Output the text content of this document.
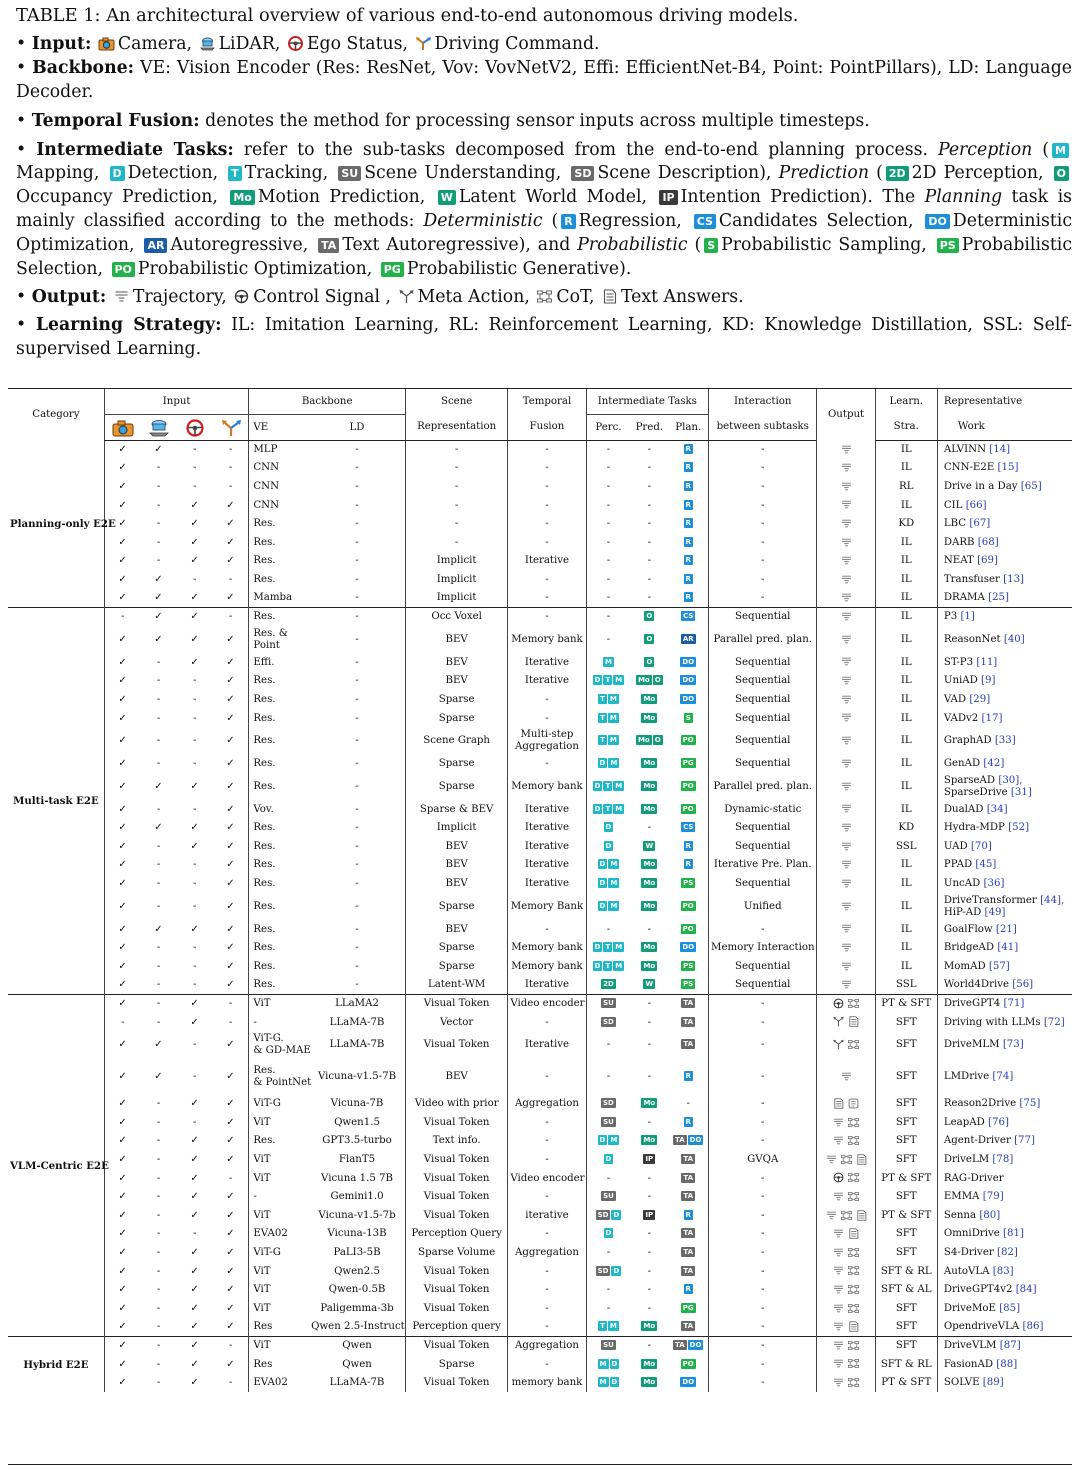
TABLE 1: An architectural overview of various end-to-end autonomous driving models.
• Input: Camera, LiDAR, Ego Status, Driving Command.
• Backbone: VE: Vision Encoder (Res: ResNet, Vov: VovNetV2, Effi: EfficientNet-B4, Point: PointPillars), LD: Language Decoder.
• Temporal Fusion: denotes the method for processing sensor inputs across multiple timesteps.
• Intermediate Tasks: refer to the sub-tasks decomposed from the end-to-end planning process. Perception ( MMapping, D Detection, T Tracking, SU Scene Understanding, SD Scene Description), Prediction ( 2D 2D Perception, OOccupancy Prediction, Mo Motion Prediction, W Latent World Model, IP Intention Prediction). The Planning task is mainly classified according to the methods: Deterministic ( R Regression, CS Candidates Selection, DO Deterministic Optimization, AR Autoregressive, TA Text Autoregressive), and Probabilistic ( S Probabilistic Sampling, PS Probabilistic Selection, PO Probabilistic Optimization, PG Probabilistic Generative).
• Output: Trajectory, Control Signal , Meta Action, CoT, Text Answers.
• Learning Strategy: IL: Imitation Learning, RL: Reinforcement Learning, KD: Knowledge Distillation, SSL: Self-supervised Learning.
Category	Input				Backbone		Scene	Temporal	Intermediate Tasks			Interaction	Output	Learn.	Representative
				VE	LD	Representation	Fusion	Perc.	Pred.	Plan.	between subtasks		Stra.	Work
Planning-only E2E	✓	✓	-	-	MLP	-	-	-	-	-	R	-		IL	ALVINN [14]
	✓	-	-	-	CNN	-	-	-	-	-	R	-		IL	CNN-E2E [15]
	✓	-	-	-	CNN	-	-	-	-	-	R	-		RL	Drive in a Day [65]
	✓	-	✓	✓	CNN	-	-	-	-	-	R	-		IL	CIL [66]
	✓	-	✓	✓	Res.	-	-	-	-	-	R	-		KD	LBC [67]
	✓	-	✓	✓	Res.	-	-	-	-	-	R	-		IL	DARB [68]
	✓	-	✓	✓	Res.	-	Implicit	Iterative	-	-	R	-		IL	NEAT [69]
	✓	✓	-	-	Res.	-	Implicit	-	-	-	R	-		IL	Transfuser [13]
	✓	✓	✓	✓	Mamba	-	Implicit	-	-	-	R	-		IL	DRAMA [25]
Multi-task E2E	-	✓	✓	-	Res.	-	Occ Voxel	-	-	O	CS	Sequential		IL	P3 [1]
	✓	✓	✓	✓	Res. &
Point	-	BEV	Memory bank	-	O	AR	Parallel pred. plan.		IL	ReasonNet [40]
	✓	-	✓	✓	Effi.	-	BEV	Iterative	M	O	DO	Sequential		IL	ST-P3 [11]
	✓	-	-	✓	Res.	-	BEV	Iterative	D T M	Mo O	DO	Sequential		IL	UniAD [9]
	✓	-	-	✓	Res.	-	Sparse	-	T M	Mo	DO	Sequential		IL	VAD [29]
	✓	-	-	✓	Res.	-	Sparse	-	T M	Mo	S	Sequential		IL	VADv2 [17]
	✓	-	-	✓	Res.	-	Scene Graph	Multi-step
Aggregation	T M	Mo O	PO	Sequential		IL	GraphAD [33]
	✓	-	-	✓	Res.	-	Sparse	-	D M	Mo	PG	Sequential		IL	GenAD [42]
	✓	✓	✓	✓	Res.	-	Sparse	Memory bank	D T M	Mo	PO	Parallel pred. plan.		IL	SparseAD [30],
SparseDrive [31]
	✓	-	-	✓	Vov.	-	Sparse & BEV	Iterative	D T M	Mo	PO	Dynamic-static		IL	DualAD [34]
	✓	✓	✓	✓	Res.	-	Implicit	Iterative	D	-	CS	Sequential		KD	Hydra-MDP [52]
	✓	-	✓	✓	Res.	-	BEV	Iterative	D	W	R	Sequential		SSL	UAD [70]
	✓	-	-	✓	Res.	-	BEV	Iterative	D M	Mo	R	Iterative Pre. Plan.		IL	PPAD [45]
	✓	-	-	✓	Res.	-	BEV	Iterative	D M	Mo	PS	Sequential		IL	UncAD [36]
	✓	-	-	✓	Res.	-	Sparse	Memory Bank	D M	Mo	PO	Unified		IL	DriveTransformer [44],
HiP-AD [49]
	✓	✓	✓	✓	Res.	-	BEV	-	-	-	PO	-		IL	GoalFlow [21]
	✓	-	-	✓	Res.	-	Sparse	Memory bank	D T M	Mo	DO	Memory Interaction		IL	BridgeAD [41]
	✓	-	-	✓	Res.	-	Sparse	Memory bank	D T M	Mo	PS	Sequential		IL	MomAD [57]
	✓	-	-	✓	Res.	-	Latent-WM	Iterative	2D	W	PS	Sequential		SSL	World4Drive [56]
VLM-Centric E2E	✓	-	✓	-	ViT	LLaMA2	Visual Token	Video encoder	SU	-	TA	-		PT & SFT	DriveGPT4 [71]
	-	-	✓	-	-	LLaMA-7B	Vector	-	SD	-	TA	-		SFT	Driving with LLMs [72]
	✓	✓	-	✓	ViT-G.
& GD-MAE	LLaMA-7B	Visual Token	Iterative	-	-	TA	-		SFT	DriveMLM [73]
	✓	✓	-	✓	Res.
& PointNet	Vicuna-v1.5-7B	BEV	-	-	-	R	-		SFT	LMDrive [74]
	✓	-	✓	✓	ViT-G	Vicuna-7B	Video with prior	Aggregation	SD	Mo	-	-		SFT	Reason2Drive [75]
	✓	-	-	✓	ViT	Qwen1.5	Visual Token	-	SU	-	R	-		SFT	LeapAD [76]
	✓	-	✓	✓	Res.	GPT3.5-turbo	Text info.	-	D M	Mo	TA DO	-		SFT	Agent-Driver [77]
	✓	-	✓	✓	ViT	FlanT5	Visual Token	-	D	IP	TA	GVQA		SFT	DriveLM [78]
	✓	-	✓	-	ViT	Vicuna 1.5 7B	Visual Token	Video encoder	-	-	TA	-		PT & SFT	RAG-Driver
	✓	-	✓	✓	-	Gemini1.0	Visual Token	-	SU	-	TA	-		SFT	EMMA [79]
	✓	-	✓	✓	ViT	Vicuna-v1.5-7b	Visual Token	iterative	SD D	IP	R	-		PT & SFT	Senna [80]
	✓	-	-	✓	EVA02	Vicuna-13B	Perception Query	-	D	-	TA	-		SFT	OmniDrive [81]
	✓	-	✓	✓	ViT-G	PaLI3-5B	Sparse Volume	Aggregation	-	-	TA	-		SFT	S4-Driver [82]
	✓	-	✓	✓	ViT	Qwen2.5	Visual Token	-	SD D	-	TA	-		SFT & RL	AutoVLA [83]
	✓	-	✓	✓	ViT	Qwen-0.5B	Visual Token	-	-	-	R	-		SFT & AL	DriveGPT4v2 [84]
	✓	-	✓	✓	ViT	Paligemma-3b	Visual Token	-	-	-	PG	-		SFT	DriveMoE [85]
	✓	-	✓	✓	Res	Qwen 2.5-Instruct	Perception query	-	T M	Mo	TA	-		SFT	OpendriveVLA [86]
Hybrid E2E	✓	-	✓	-	ViT	Qwen	Visual Token	Aggregation	SU	-	TA DO	-		SFT	DriveVLM [87]
	✓	-	✓	✓	Res	Qwen	Sparse	-	M D	Mo	PO	-		SFT & RL	FasionAD [88]
	✓	-	✓	-	EVA02	LLaMA-7B	Visual Token	memory bank	M D	Mo	DO	-		PT & SFT	SOLVE [89]
